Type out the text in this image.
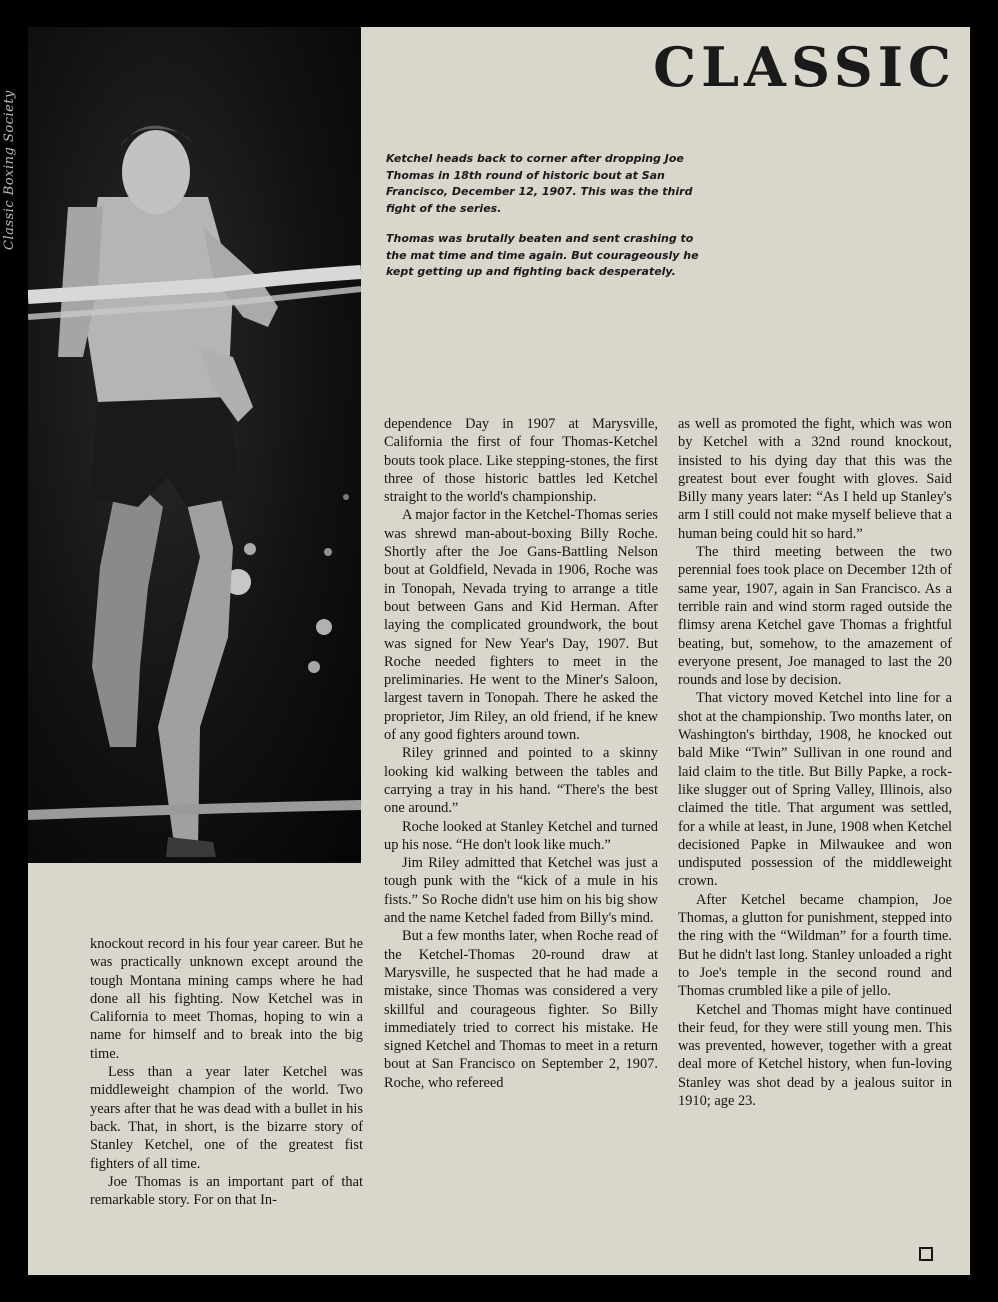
CLASSIC

Ketchel heads back to corner after dropping Joe Thomas in 18th round of historic bout at San Francisco, December 12, 1907. This was the third fight of the series.

Thomas was brutally beaten and sent crashing to the mat time and time again. But courageously he kept getting up and fighting back desperately.

knockout record in his four year career. But he was practically unknown except around the tough Montana mining camps where he had done all his fighting. Now Ketchel was in California to meet Thomas, hoping to win a name for himself and to break into the big time.

Less than a year later Ketchel was middleweight champion of the world. Two years after that he was dead with a bullet in his back. That, in short, is the bizarre story of Stanley Ketchel, one of the greatest fist fighters of all time.

Joe Thomas is an important part of that remarkable story. For on that In-

dependence Day in 1907 at Marysville, California the first of four Thomas-Ketchel bouts took place. Like stepping-stones, the first three of those historic battles led Ketchel straight to the world's championship.

A major factor in the Ketchel-Thomas series was shrewd man-about-boxing Billy Roche. Shortly after the Joe Gans-Battling Nelson bout at Goldfield, Nevada in 1906, Roche was in Tonopah, Nevada trying to arrange a title bout between Gans and Kid Herman. After laying the complicated groundwork, the bout was signed for New Year's Day, 1907. But Roche needed fighters to meet in the preliminaries. He went to the Miner's Saloon, largest tavern in Tonopah. There he asked the proprietor, Jim Riley, an old friend, if he knew of any good fighters around town.

Riley grinned and pointed to a skinny looking kid walking between the tables and carrying a tray in his hand. “There's the best one around.”

Roche looked at Stanley Ketchel and turned up his nose. “He don't look like much.”

Jim Riley admitted that Ketchel was just a tough punk with the “kick of a mule in his fists.” So Roche didn't use him on his big show and the name Ketchel faded from Billy's mind.

But a few months later, when Roche read of the Ketchel-Thomas 20-round draw at Marysville, he suspected that he had made a mistake, since Thomas was considered a very skillful and courageous fighter. So Billy immediately tried to correct his mistake. He signed Ketchel and Thomas to meet in a return bout at San Francisco on September 2, 1907. Roche, who refereed

as well as promoted the fight, which was won by Ketchel with a 32nd round knockout, insisted to his dying day that this was the greatest bout ever fought with gloves. Said Billy many years later: “As I held up Stanley's arm I still could not make myself believe that a human being could hit so hard.”

The third meeting between the two perennial foes took place on December 12th of same year, 1907, again in San Francisco. As a terrible rain and wind storm raged outside the flimsy arena Ketchel gave Thomas a frightful beating, but, somehow, to the amazement of everyone present, Joe managed to last the 20 rounds and lose by decision.

That victory moved Ketchel into line for a shot at the championship. Two months later, on Washington's birthday, 1908, he knocked out bald Mike “Twin” Sullivan in one round and laid claim to the title. But Billy Papke, a rock-like slugger out of Spring Valley, Illinois, also claimed the title. That argument was settled, for a while at least, in June, 1908 when Ketchel decisioned Papke in Milwaukee and won undisputed possession of the middleweight crown.

After Ketchel became champion, Joe Thomas, a glutton for punishment, stepped into the ring with the “Wildman” for a fourth time. But he didn't last long. Stanley unloaded a right to Joe's temple in the second round and Thomas crumbled like a pile of jello.

Ketchel and Thomas might have continued their feud, for they were still young men. This was prevented, however, together with a great deal more of Ketchel history, when fun-loving Stanley was shot dead by a jealous suitor in 1910; age 23.

Classic Boxing Society
